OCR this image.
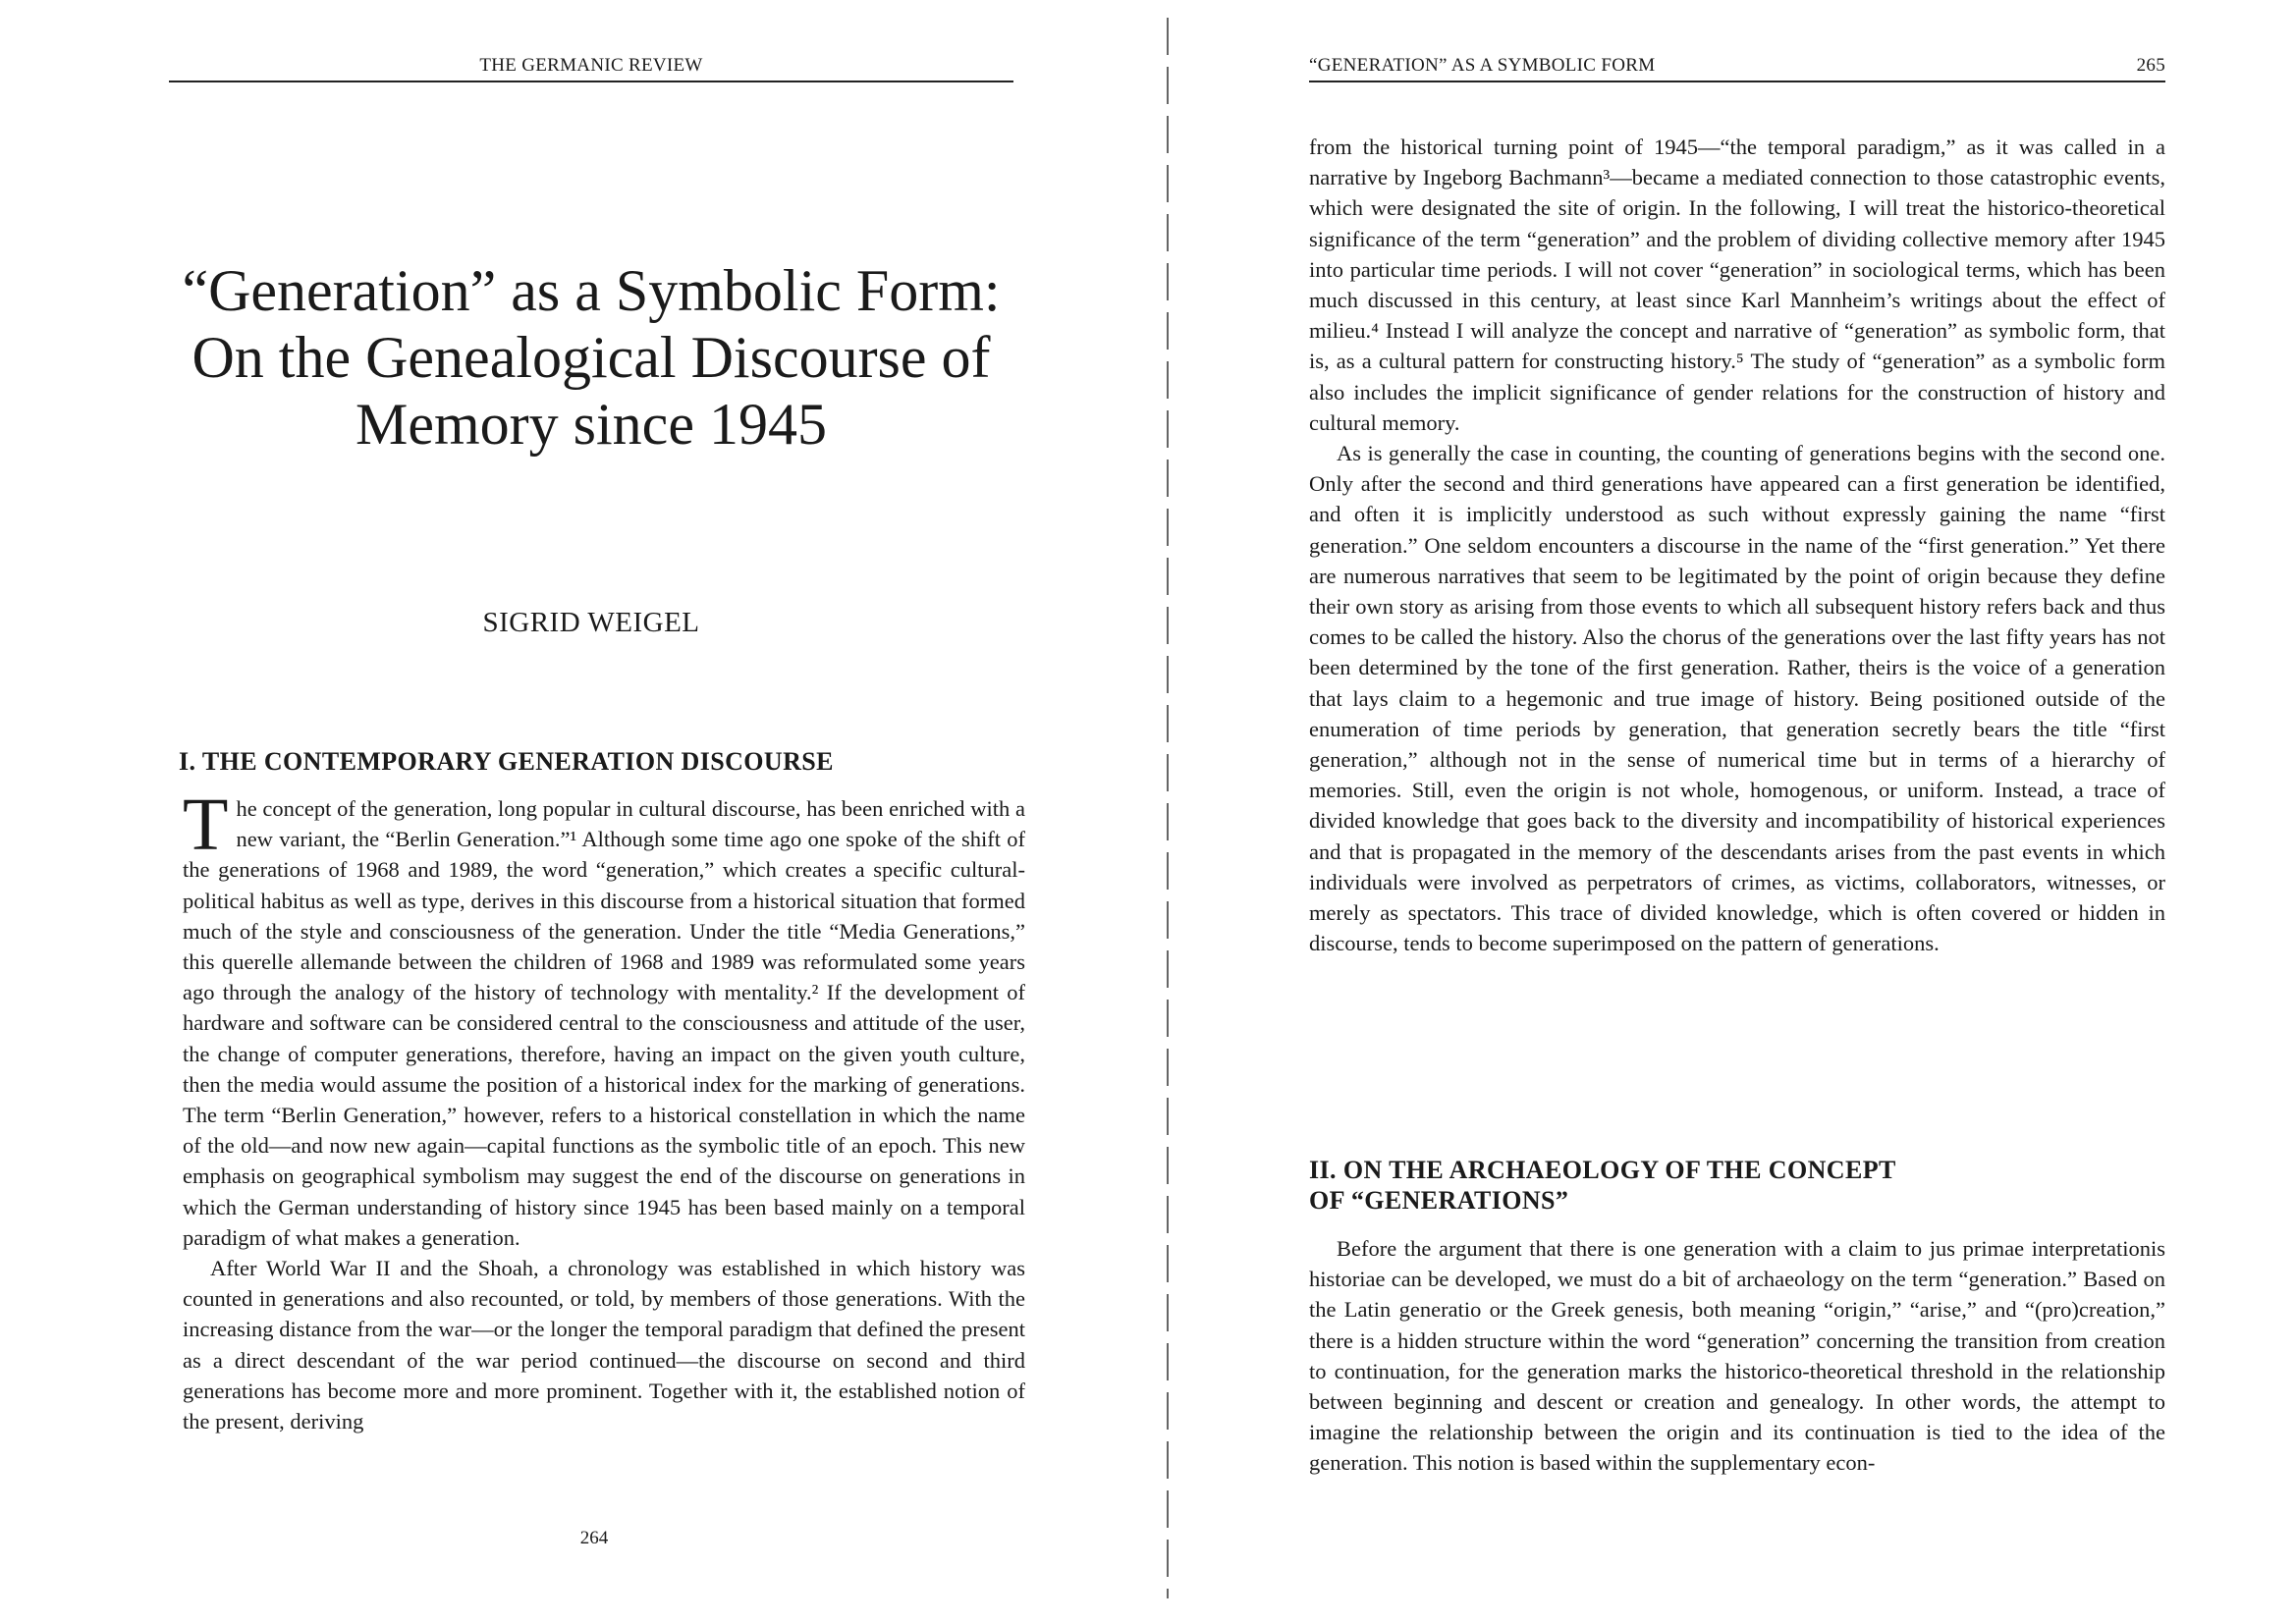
THE GERMANIC REVIEW
“Generation” as a Symbolic Form: On the Genealogical Discourse of Memory since 1945
SIGRID WEIGEL
I. THE CONTEMPORARY GENERATION DISCOURSE

The concept of the generation, long popular in cultural discourse, has been enriched with a new variant, the “Berlin Generation.”¹ Although some time ago one spoke of the shift of the generations of 1968 and 1989, the word “generation,” which creates a specific cultural-political habitus as well as type, derives in this discourse from a historical situation that formed much of the style and consciousness of the generation. Under the title “Media Generations,” this querelle allemande between the children of 1968 and 1989 was reformulated some years ago through the analogy of the history of technology with mentality.² If the development of hardware and software can be considered central to the consciousness and attitude of the user, the change of computer generations, therefore, having an impact on the given youth culture, then the media would assume the position of a historical index for the marking of generations. The term “Berlin Generation,” however, refers to a historical constellation in which the name of the old—and now new again—capital functions as the symbolic title of an epoch. This new emphasis on geographical symbolism may suggest the end of the discourse on generations in which the German understanding of history since 1945 has been based mainly on a temporal paradigm of what makes a generation.

After World War II and the Shoah, a chronology was established in which history was counted in generations and also recounted, or told, by members of those generations. With the increasing distance from the war—or the longer the temporal paradigm that defined the present as a direct descendant of the war period continued—the discourse on second and third generations has become more and more prominent. Together with it, the established notion of the present, deriving

264
“GENERATION” AS A SYMBOLIC FORM	265

from the historical turning point of 1945—“the temporal paradigm,” as it was called in a narrative by Ingeborg Bachmann³—became a mediated connection to those catastrophic events, which were designated the site of origin. In the following, I will treat the historico-theoretical significance of the term “generation” and the problem of dividing collective memory after 1945 into particular time periods. I will not cover “generation” in sociological terms, which has been much discussed in this century, at least since Karl Mannheim’s writings about the effect of milieu.⁴ Instead I will analyze the concept and narrative of “generation” as symbolic form, that is, as a cultural pattern for constructing history.⁵ The study of “generation” as a symbolic form also includes the implicit significance of gender relations for the construction of history and cultural memory.

As is generally the case in counting, the counting of generations begins with the second one. Only after the second and third generations have appeared can a first generation be identified, and often it is implicitly understood as such without expressly gaining the name “first generation.” One seldom encounters a discourse in the name of the “first generation.” Yet there are numerous narratives that seem to be legitimated by the point of origin because they define their own story as arising from those events to which all subsequent history refers back and thus comes to be called the history. Also the chorus of the generations over the last fifty years has not been determined by the tone of the first generation. Rather, theirs is the voice of a generation that lays claim to a hegemonic and true image of history. Being positioned outside of the enumeration of time periods by generation, that generation secretly bears the title “first generation,” although not in the sense of numerical time but in terms of a hierarchy of memories. Still, even the origin is not whole, homogenous, or uniform. Instead, a trace of divided knowledge that goes back to the diversity and incompatibility of historical experiences and that is propagated in the memory of the descendants arises from the past events in which individuals were involved as perpetrators of crimes, as victims, collaborators, witnesses, or merely as spectators. This trace of divided knowledge, which is often covered or hidden in discourse, tends to become superimposed on the pattern of generations.

II. ON THE ARCHAEOLOGY OF THE CONCEPT OF “GENERATIONS”

Before the argument that there is one generation with a claim to jus primae interpretationis historiae can be developed, we must do a bit of archaeology on the term “generation.” Based on the Latin generatio or the Greek genesis, both meaning “origin,” “arise,” and “(pro)creation,” there is a hidden structure within the word “generation” concerning the transition from creation to continuation, for the generation marks the historico-theoretical threshold in the relationship between beginning and descent or creation and genealogy. In other words, the attempt to imagine the relationship between the origin and its continuation is tied to the idea of the generation. This notion is based within the supplementary econ-
